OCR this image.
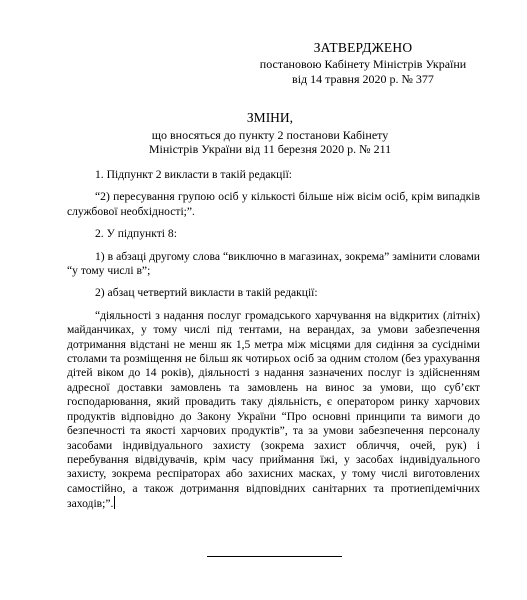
ЗАТВЕРДЖЕНО
постановою Кабінету Міністрів України
від 14 травня 2020 р. № 377
ЗМІНИ,
що вносяться до пункту 2 постанови Кабінету
Міністрів України від 11 березня 2020 р. № 211

1. Підпункт 2 викласти в такій редакції:

“2) пересування групою осіб у кількості більше ніж вісім осіб, крім випадків службової необхідності;”.

2. У підпункті 8:

1) в абзаці другому слова “виключно в магазинах, зокрема” замінити словами “у тому числі в”;

2) абзац четвертий викласти в такій редакції:

“діяльності з надання послуг громадського харчування на відкритих (літніх) майданчиках, у тому числі під тентами, на верандах, за умови забезпечення дотримання відстані не менш як 1,5 метра між місцями для сидіння за сусідніми столами та розміщення не більш як чотирьох осіб за одним столом (без урахування дітей віком до 14 років), діяльності з надання зазначених послуг із здійсненням адресної доставки замовлень та замовлень на винос за умови, що суб’єкт господарювання, який провадить таку діяльність, є оператором ринку харчових продуктів відповідно до Закону України “Про основні принципи та вимоги до безпечності та якості харчових продуктів”, та за умови забезпечення персоналу засобами індивідуального захисту (зокрема захист обличчя, очей, рук) і перебування відвідувачів, крім часу приймання їжі, у засобах індивідуального захисту, зокрема респіраторах або захисних масках, у тому числі виготовлених самостійно, а також дотримання відповідних санітарних та протиепідемічних заходів;”.
